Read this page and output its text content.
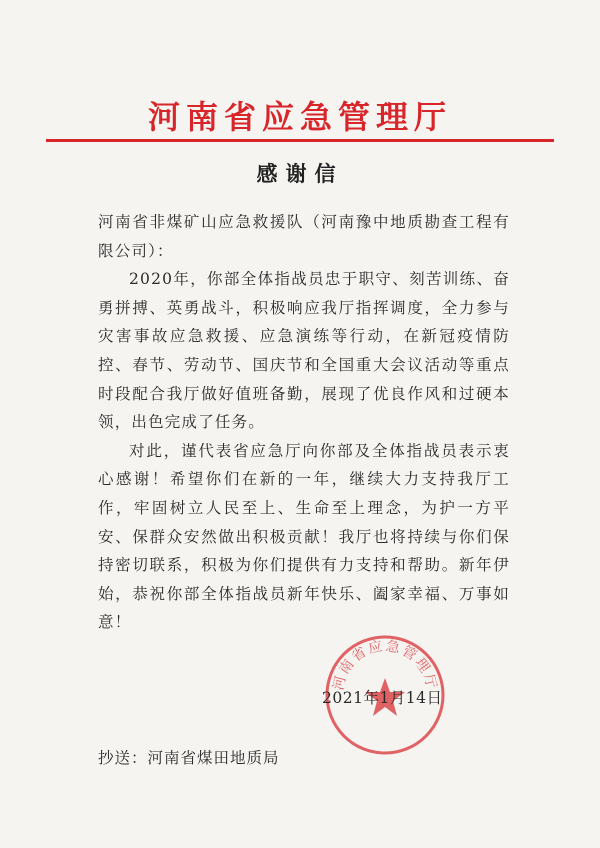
河南省应急管理厅
感谢信

河南省非煤矿山应急救援队（河南豫中地质勘查工程有限公司）：

2020年，你部全体指战员忠于职守、刻苦训练、奋勇拼搏、英勇战斗，积极响应我厅指挥调度，全力参与灾害事故应急救援、应急演练等行动，在新冠疫情防控、春节、劳动节、国庆节和全国重大会议活动等重点时段配合我厅做好值班备勤，展现了优良作风和过硬本领，出色完成了任务。

对此，谨代表省应急厅向你部及全体指战员表示衷心感谢！希望你们在新的一年，继续大力支持我厅工作，牢固树立人民至上、生命至上理念，为护一方平安、保群众安然做出积极贡献！我厅也将持续与你们保持密切联系，积极为你们提供有力支持和帮助。新年伊始，恭祝你部全体指战员新年快乐、阖家幸福、万事如意！

河南省应急管理厅
2021年1月14日
抄送：河南省煤田地质局
